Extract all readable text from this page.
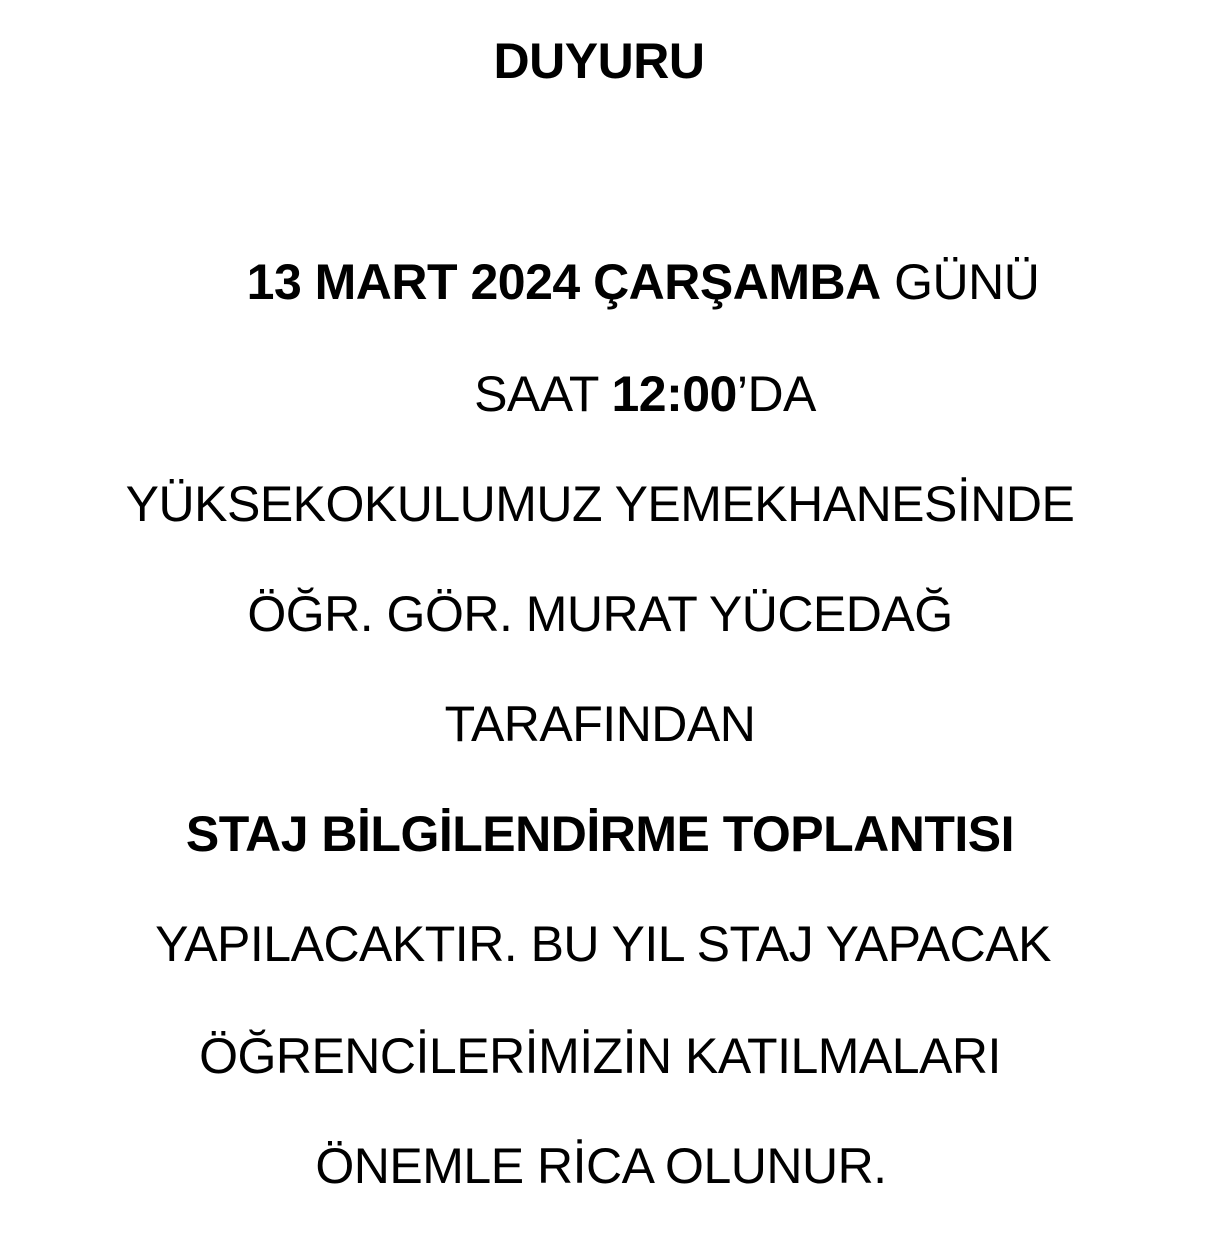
DUYURU
13 MART 2024 ÇARŞAMBA GÜNÜ
SAAT 12:00’DA
YÜKSEKOKULUMUZ YEMEKHANESİNDE
ÖĞR. GÖR. MURAT YÜCEDAĞ
TARAFINDAN
STAJ BİLGİLENDİRME TOPLANTISI
YAPILACAKTIR. BU YIL STAJ YAPACAK
ÖĞRENCİLERİMİZİN KATILMALARI
ÖNEMLE RİCA OLUNUR.
